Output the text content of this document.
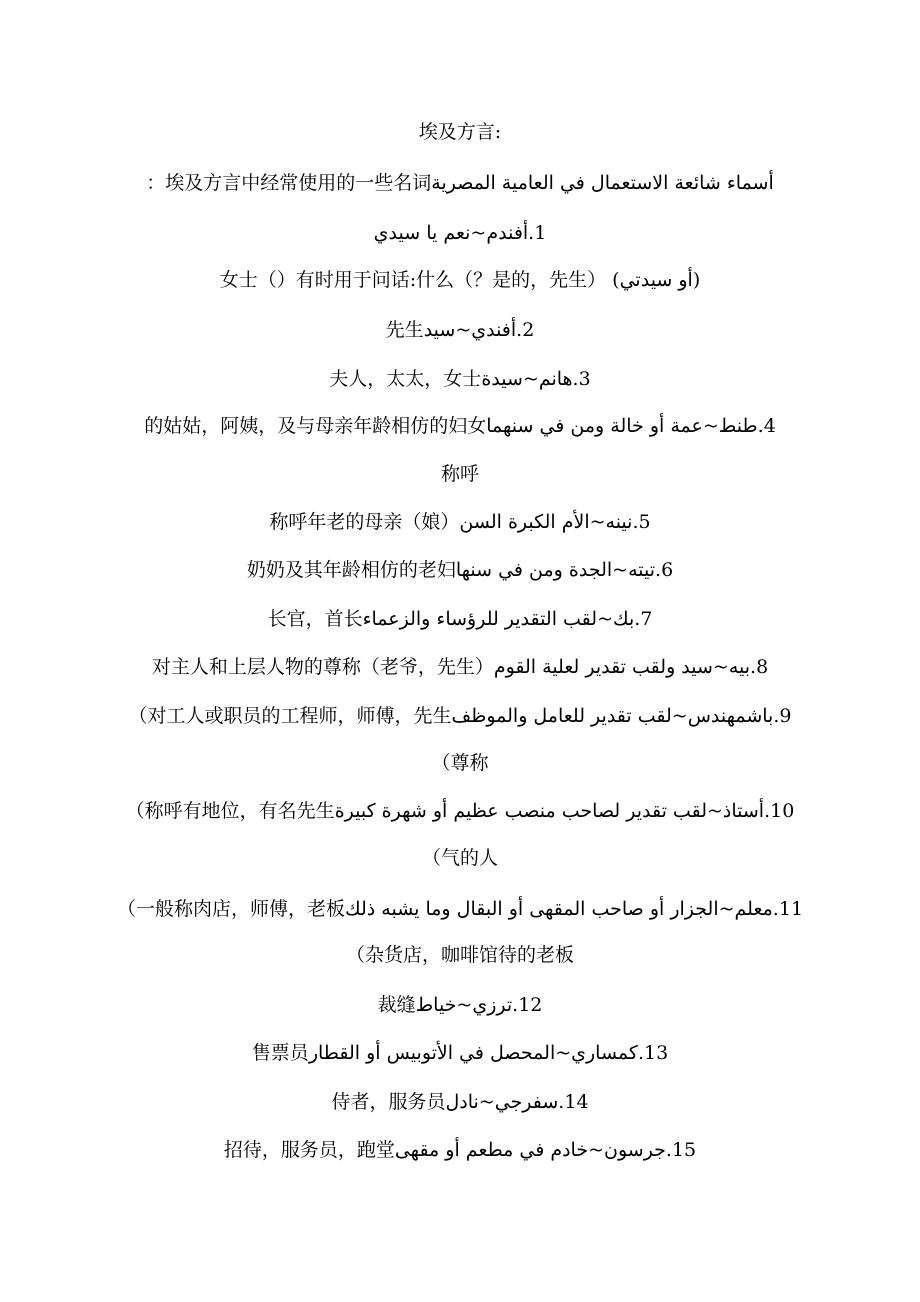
埃及方言:
أسماء شائعة الاستعمال في العامية المصرية埃及方言中经常使用的一些名词：
1.أفندم~نعم يا سيدي
(أو سيدتي) 女士（）有时用于问话:什么（？是的，先生）
2.أفندي~سيد先生
3.هانم~سيدة夫人，太太，女士
4.طنط~عمة أو خالة ومن في سنهما的姑姑，阿姨，及与母亲年龄相仿的妇女
称呼
5.نينه~الأم الكبرة السن称呼年老的母亲（娘）
6.تيته~الجدة ومن في سنها奶奶及其年龄相仿的老妇
7.بك~لقب التقدير للرؤساء والزعماء长官，首长
8.بيه~سيد ولقب تقدير لعلية القوم对主人和上层人物的尊称（老爷，先生）
9.باشمهندس~لقب تقدير للعامل والموظف对工人或职员的工程师，师傅，先生）
（尊称
10.أستاذ~لقب تقدير لصاحب منصب عظيم أو شهرة كبيرة称呼有地位，有名先生）
（气的人
11.معلم~الجزار أو صاحب المقهى أو البقال وما يشبه ذلك一般称肉店，师傅，老板）
（杂货店，咖啡馆待的老板
12.ترزي~خياط裁缝
13.كمساري~المحصل في الأتوبيس أو القطار售票员
14.سفرجي~نادل侍者，服务员
15.جرسون~خادم في مطعم أو مقهى招待，服务员，跑堂
